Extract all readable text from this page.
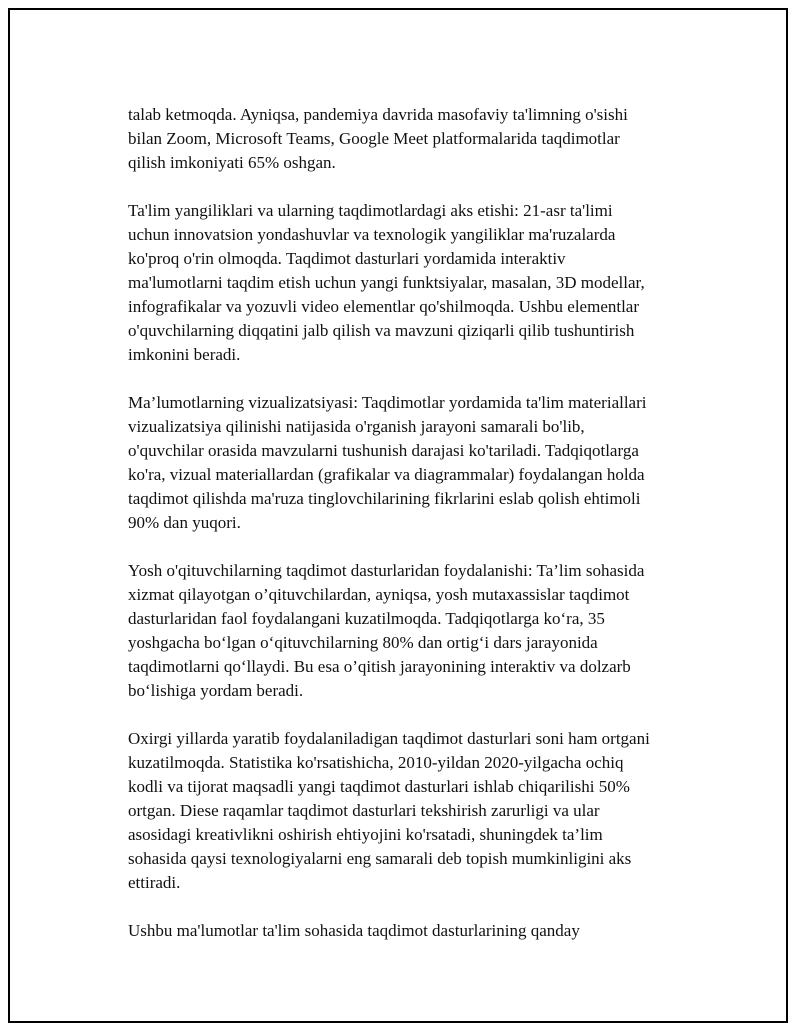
talab ketmoqda. Ayniqsa, pandemiya davrida masofaviy ta'limning o'sishi
bilan Zoom, Microsoft Teams, Google Meet platformalarida taqdimotlar
qilish imkoniyati 65% oshgan.

Ta'lim yangiliklari va ularning taqdimotlardagi aks etishi: 21-asr ta'limi
uchun innovatsion yondashuvlar va texnologik yangiliklar ma'ruzalarda
ko'proq o'rin olmoqda. Taqdimot dasturlari yordamida interaktiv
ma'lumotlarni taqdim etish uchun yangi funktsiyalar, masalan, 3D modellar,
infografikalar va yozuvli video elementlar qo'shilmoqda. Ushbu elementlar
o'quvchilarning diqqatini jalb qilish va mavzuni qiziqarli qilib tushuntirish
imkonini beradi.

Ma’lumotlarning vizualizatsiyasi: Taqdimotlar yordamida ta'lim materiallari
vizualizatsiya qilinishi natijasida o'rganish jarayoni samarali bo'lib,
o'quvchilar orasida mavzularni tushunish darajasi ko'tariladi. Tadqiqotlarga
ko'ra, vizual materiallardan (grafikalar va diagrammalar) foydalangan holda
taqdimot qilishda ma'ruza tinglovchilarining fikrlarini eslab qolish ehtimoli
90% dan yuqori.

Yosh o'qituvchilarning taqdimot dasturlaridan foydalanishi: Ta’lim sohasida
xizmat qilayotgan o’qituvchilardan, ayniqsa, yosh mutaxassislar taqdimot
dasturlaridan faol foydalangani kuzatilmoqda. Tadqiqotlarga ko‘ra, 35
yoshgacha bo‘lgan o‘qituvchilarning 80% dan ortig‘i dars jarayonida
taqdimotlarni qo‘llaydi. Bu esa o’qitish jarayonining interaktiv va dolzarb
bo‘lishiga yordam beradi.

Oxirgi yillarda yaratib foydalaniladigan taqdimot dasturlari soni ham ortgani
kuzatilmoqda. Statistika ko'rsatishicha, 2010-yildan 2020-yilgacha ochiq
kodli va tijorat maqsadli yangi taqdimot dasturlari ishlab chiqarilishi 50%
ortgan. Diese raqamlar taqdimot dasturlari tekshirish zarurligi va ular
asosidagi kreativlikni oshirish ehtiyojini ko'rsatadi, shuningdek ta’lim
sohasida qaysi texnologiyalarni eng samarali deb topish mumkinligini aks
ettiradi.

Ushbu ma'lumotlar ta'lim sohasida taqdimot dasturlarining qanday
